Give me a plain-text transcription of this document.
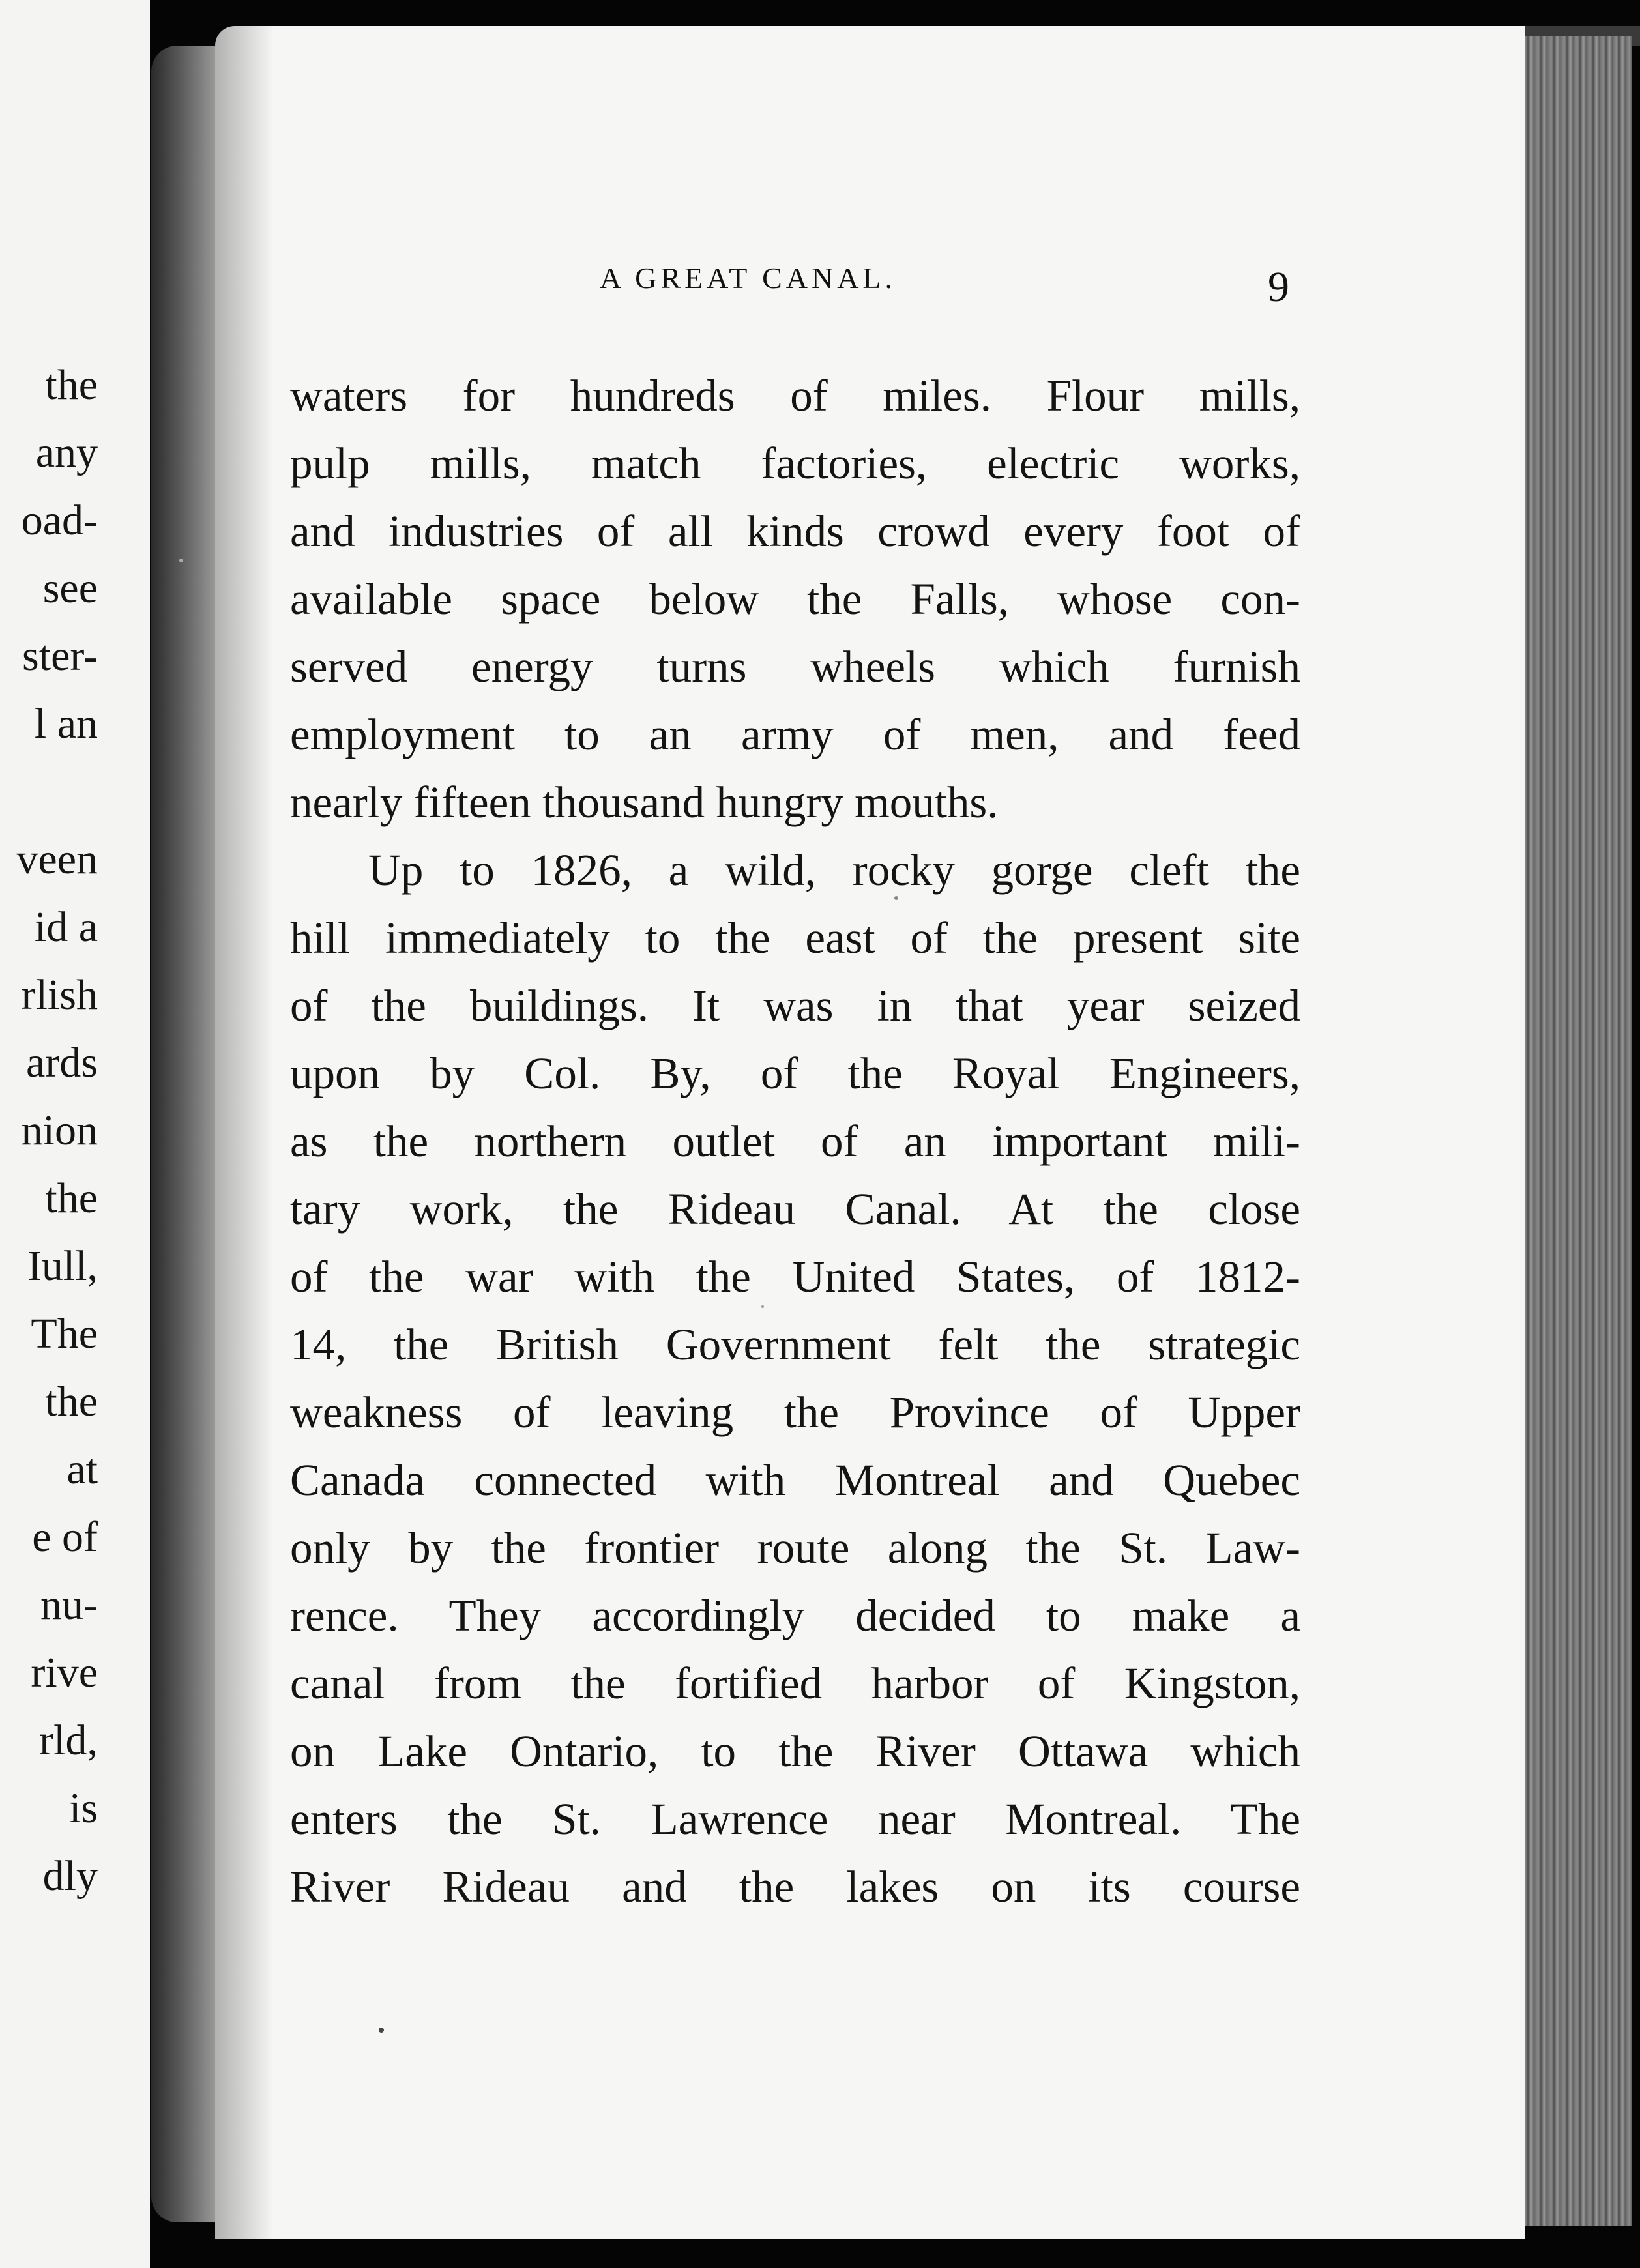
the
any
oad-
see
ster-
l an
veen
id a
rlish
ards
nion
the
Iull,
The
the
at
e of
nu-
rive
rld,
is
dly
A GREAT CANAL.	9
waters for hundreds of miles. Flour mills,
pulp mills, match factories, electric works,
and industries of all kinds crowd every foot of
available space below the Falls, whose con-
served energy turns wheels which furnish
employment to an army of men, and feed
nearly fifteen thousand hungry mouths.
Up to 1826, a wild, rocky gorge cleft the
hill immediately to the east of the present site
of the buildings. It was in that year seized
upon by Col. By, of the Royal Engineers,
as the northern outlet of an important mili-
tary work, the Rideau Canal. At the close
of the war with the United States, of 1812-
14, the British Government felt the strategic
weakness of leaving the Province of Upper
Canada connected with Montreal and Quebec
only by the frontier route along the St. Law-
rence. They accordingly decided to make a
canal from the fortified harbor of Kingston,
on Lake Ontario, to the River Ottawa which
enters the St. Lawrence near Montreal. The
River Rideau and the lakes on its course
